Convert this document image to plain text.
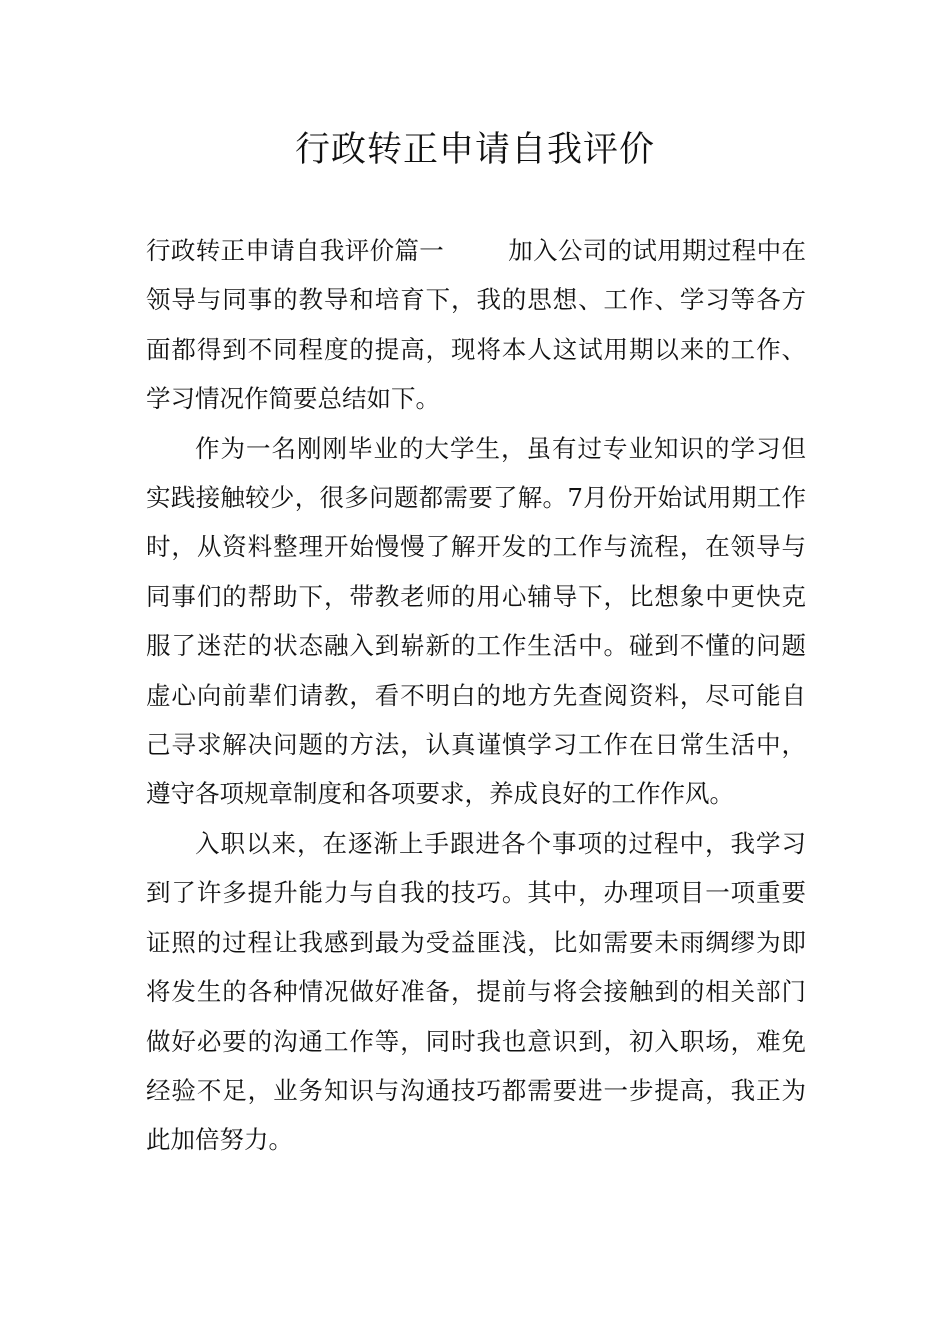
行政转正申请自我评价

行政转正申请自我评价篇一	加入公司的试用期过程中在领导与同事的教导和培育下，我的思想、工作、学习等各方面都得到不同程度的提高，现将本人这试用期以来的工作、学习情况作简要总结如下。

作为一名刚刚毕业的大学生，虽有过专业知识的学习但实践接触较少，很多问题都需要了解。7月份开始试用期工作时，从资料整理开始慢慢了解开发的工作与流程，在领导与同事们的帮助下，带教老师的用心辅导下，比想象中更快克服了迷茫的状态融入到崭新的工作生活中。碰到不懂的问题虚心向前辈们请教，看不明白的地方先查阅资料，尽可能自己寻求解决问题的方法，认真谨慎学习工作在日常生活中，遵守各项规章制度和各项要求，养成良好的工作作风。

入职以来，在逐渐上手跟进各个事项的过程中，我学习到了许多提升能力与自我的技巧。其中，办理项目一项重要证照的过程让我感到最为受益匪浅，比如需要未雨绸缪为即将发生的各种情况做好准备，提前与将会接触到的相关部门做好必要的沟通工作等，同时我也意识到，初入职场，难免经验不足，业务知识与沟通技巧都需要进一步提高，我正为此加倍努力。
